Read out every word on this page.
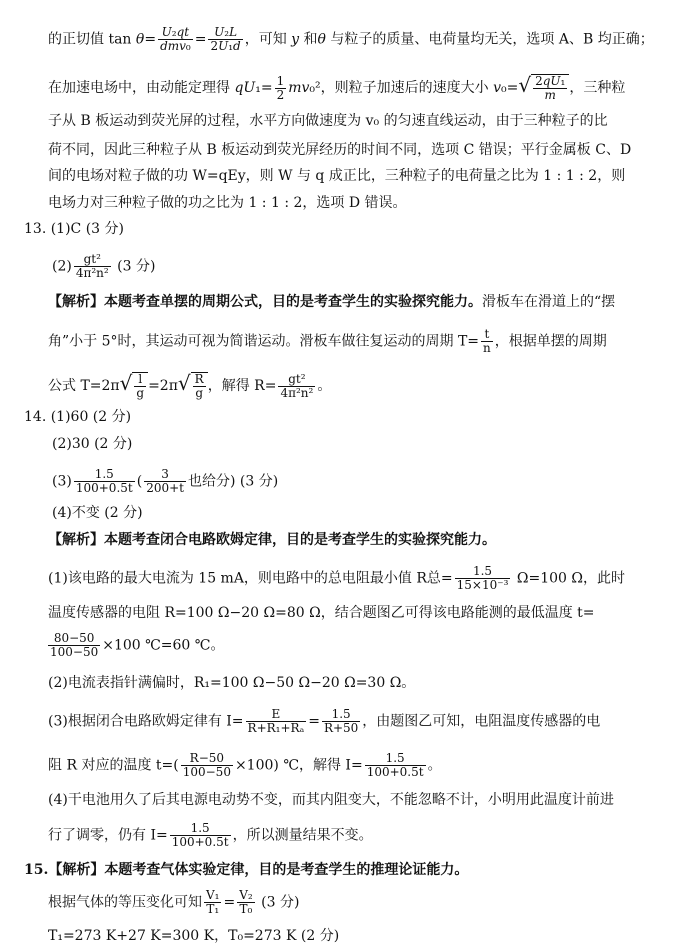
的正切值 $\tan \theta= \frac{\text{U₂qt}}{\text{dmv₀}} = \frac{\text{U₂L}}{\text{2U₁d}}$ ，可知 y 和θ 与粒子的质量、电荷量均无关，选项 A、B 均正确；
在加速电场中，由动能定理得 $qU_1= \frac{1}{2} mv_0^2$，则粒子加速后的速度大小 $v_0=√ \frac{\text{2qU₁}}{m}$ ，三种粒
子从 B 板运动到荧光屏的过程，水平方向做速度为 v₀ 的匀速直线运动，由于三种粒子的比
荷不同，因此三种粒子从 B 板运动到荧光屏经历的时间不同，选项 C 错误；平行金属板 C、D
间的电场对粒子做的功 W=qEy，则 W 与 q 成正比，三种粒子的电荷量之比为 1 : 1 : 2，则
电场力对三种粒子做的功之比为 1 : 1 : 2，选项 D 错误。
13. (1)C (3 分)
$(2) \frac{\text{gt²}}{\text{4π²n²}} (3$ 分)
【解析】本题考查单摆的周期公式，目的是考查学生的实验探究能力。滑板车在滑道上的“摆
角”小于 5°时，其运动可视为简谐运动。滑板车做往复运动的周期 $T= \frac{t}{n}$ ，根据单摆的周期
公式 $T=2\pi√ \frac{l}{g} =2\pi√ \frac{R}{g}$ ，解得 $R= \frac{\text{gt²}}{\text{4π²n²}}$ 。
14. (1)60 (2 分)
(2)30 (2 分)
$(3) \frac{1.5}{100+0.5t}$ ( $\frac{3}{200+t}$ 也给分) (3 分)
(4)不变 (2 分)
【解析】本题考查闭合电路欧姆定律，目的是考查学生的实验探究能力。
(1)该电路的最大电流为 15 mA，则电路中的总电阻最小值 R总= $\frac{1.5}{\text{15×10⁻³}} \Omega=100$ Ω，此时
温度传感器的电阻 R=100 Ω−20 Ω=80 Ω，结合题图乙可得该电路能测的最低温度 t=
$\frac{80-50}{100-50} \times 100$ ℃=60 ℃。
(2)电流表指针满偏时，R₁=100 Ω−50 Ω−20 Ω=30 Ω。
(3)根据闭合电路欧姆定律有 $I= \frac{E}{\text{R+R₁+Rₐ}} = \frac{1.5}{R+50}$ ，由题图乙可知，电阻温度传感器的电
阻 R 对应的温度 $t=( \frac{R-50}{100-50} \times 100)$ ℃，解得 $I= \frac{1.5}{100+0.5t}$ 。
(4)干电池用久了后其电源电动势不变，而其内阻变大，不能忽略不计，小明用此温度计前进
行了调零，仍有 $I= \frac{1.5}{100+0.5t}$ ，所以测量结果不变。
15.【解析】本题考查气体实验定律，目的是考查学生的推理论证能力。
根据气体的等压变化可知 $\frac{\text{V₁}}{\text{T₁}} = \frac{\text{V₂}}{\text{T₀}} (3$ 分)
T₁=273 K+27 K=300 K，T₀=273 K (2 分)
